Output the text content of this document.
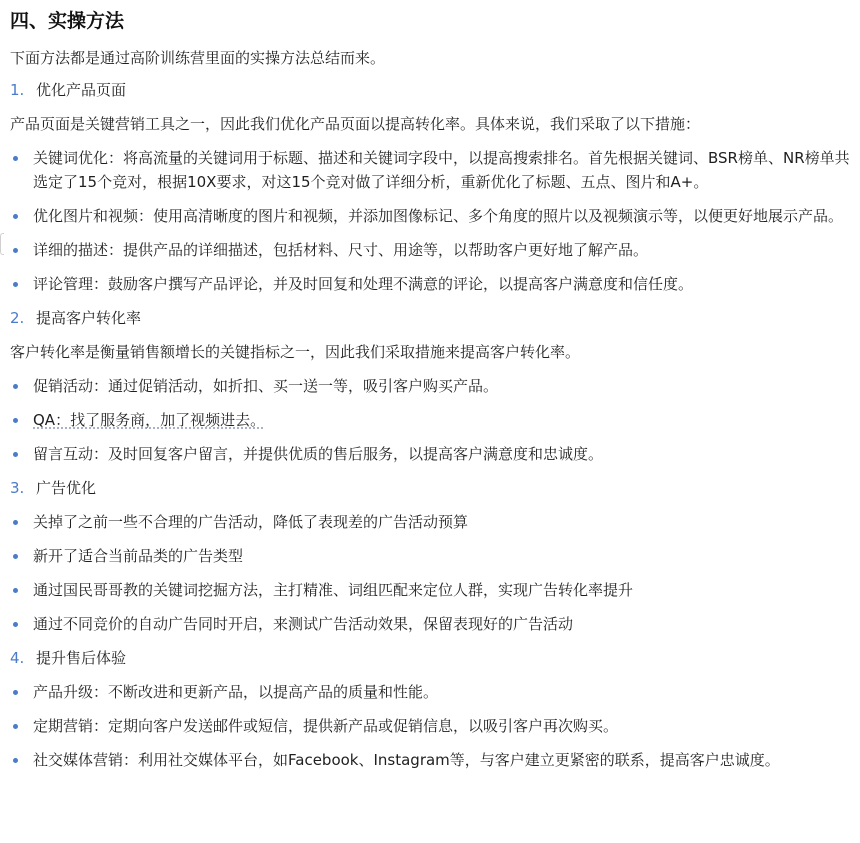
四、实操方法

下面方法都是通过高阶训练营里面的实操方法总结而来。

1. 优化产品页面

产品页面是关键营销工具之一，因此我们优化产品页面以提高转化率。具体来说，我们采取了以下措施：

关键词优化：将高流量的关键词用于标题、描述和关键词字段中，以提高搜索排名。首先根据关键词、BSR榜单、NR榜单共选定了15个竞对，根据10X要求，对这15个竞对做了详细分析，重新优化了标题、五点、图片和A+。
优化图片和视频：使用高清晰度的图片和视频，并添加图像标记、多个角度的照片以及视频演示等，以便更好地展示产品。
详细的描述：提供产品的详细描述，包括材料、尺寸、用途等，以帮助客户更好地了解产品。
评论管理：鼓励客户撰写产品评论，并及时回复和处理不满意的评论，以提高客户满意度和信任度。
2. 提高客户转化率

客户转化率是衡量销售额增长的关键指标之一，因此我们采取措施来提高客户转化率。

促销活动：通过促销活动，如折扣、买一送一等，吸引客户购买产品。
QA：找了服务商，加了视频进去。
留言互动：及时回复客户留言，并提供优质的售后服务，以提高客户满意度和忠诚度。
3. 广告优化
关掉了之前一些不合理的广告活动，降低了表现差的广告活动预算
新开了适合当前品类的广告类型
通过国民哥哥教的关键词挖掘方法，主打精准、词组匹配来定位人群，实现广告转化率提升
通过不同竞价的自动广告同时开启，来测试广告活动效果，保留表现好的广告活动
4. 提升售后体验
产品升级：不断改进和更新产品，以提高产品的质量和性能。
定期营销：定期向客户发送邮件或短信，提供新产品或促销信息，以吸引客户再次购买。
社交媒体营销：利用社交媒体平台，如Facebook、Instagram等，与客户建立更紧密的联系，提高客户忠诚度。
